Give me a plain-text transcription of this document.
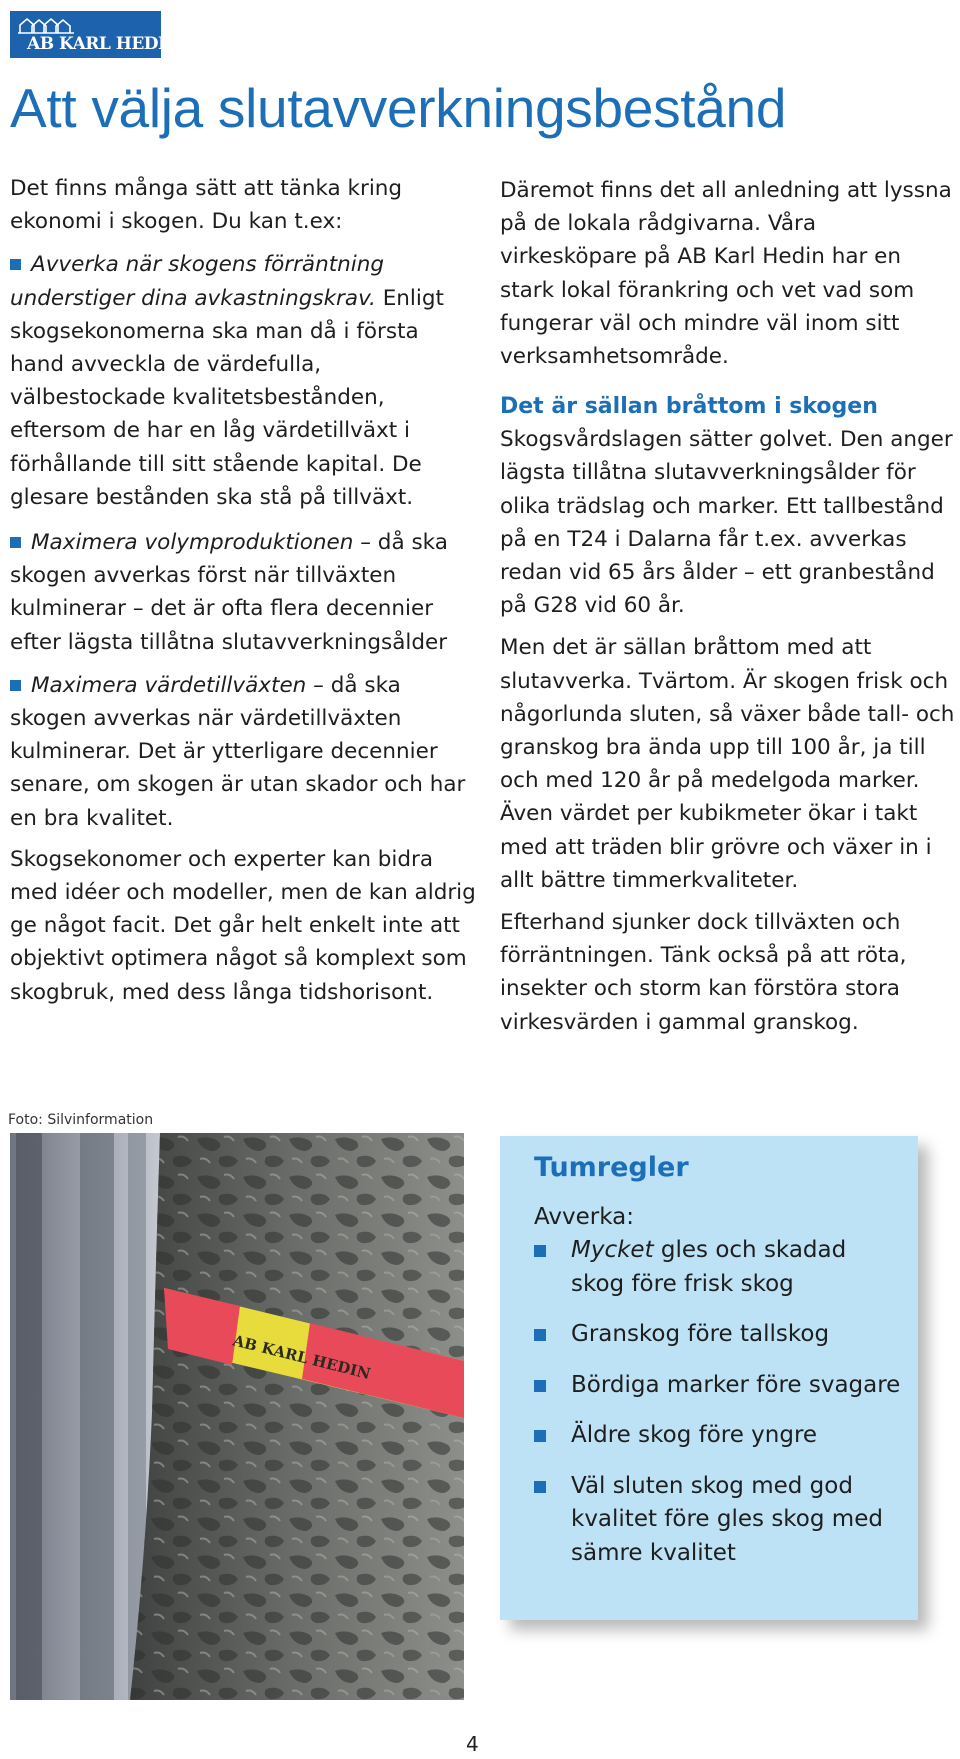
AB KARL HEDIN
Att välja slutavverkningsbestånd

Det finns många sätt att tänka kring ekonomi i skogen. Du kan t.ex:

Avverka när skogens förräntning understiger dina avkastningskrav. Enligt skogsekonomerna ska man då i första hand avveckla de värdefulla, välbestockade kvalitetsbestånden, eftersom de har en låg värdetillväxt i förhållande till sitt stående kapital. De glesare bestånden ska stå på tillväxt.

Maximera volymproduktionen – då ska skogen avverkas först när tillväxten kulminerar – det är ofta flera decennier efter lägsta tillåtna slutavverkningsålder

Maximera värdetillväxten – då ska skogen avverkas när värdetillväxten kulminerar. Det är ytterligare decennier senare, om skogen är utan skador och har en bra kvalitet.

Skogsekonomer och experter kan bidra med idéer och modeller, men de kan aldrig ge något facit. Det går helt enkelt inte att objektivt optimera något så komplext som skogbruk, med dess långa tidshorisont.

Däremot finns det all anledning att lyssna på de lokala rådgivarna. Våra virkesköpare på AB Karl Hedin har en stark lokal förankring och vet vad som fungerar väl och mindre väl inom sitt verksamhetsområde.

Det är sällan bråttom i skogen

Skogsvårdslagen sätter golvet. Den anger lägsta tillåtna slutavverkningsålder för olika trädslag och marker. Ett tallbestånd på en T24 i Dalarna får t.ex. avverkas redan vid 65 års ålder – ett granbestånd på G28 vid 60 år.

Men det är sällan bråttom med att slutavverka. Tvärtom. Är skogen frisk och någorlunda sluten, så växer både tall- och granskog bra ända upp till 100 år, ja till och med 120 år på medelgoda marker. Även värdet per kubikmeter ökar i takt med att träden blir grövre och växer in i allt bättre timmerkvaliteter.

Efterhand sjunker dock tillväxten och förräntningen. Tänk också på att röta, insekter och storm kan förstöra stora virkesvärden i gammal granskog.

Foto: Silvinformation
AB KARL HEDIN
Tumregler
Avverka:
Mycket gles och skadad skog före frisk skog
Granskog före tallskog
Bördiga marker före svagare
Äldre skog före yngre
Väl sluten skog med god kvalitet före gles skog med sämre kvalitet
4
